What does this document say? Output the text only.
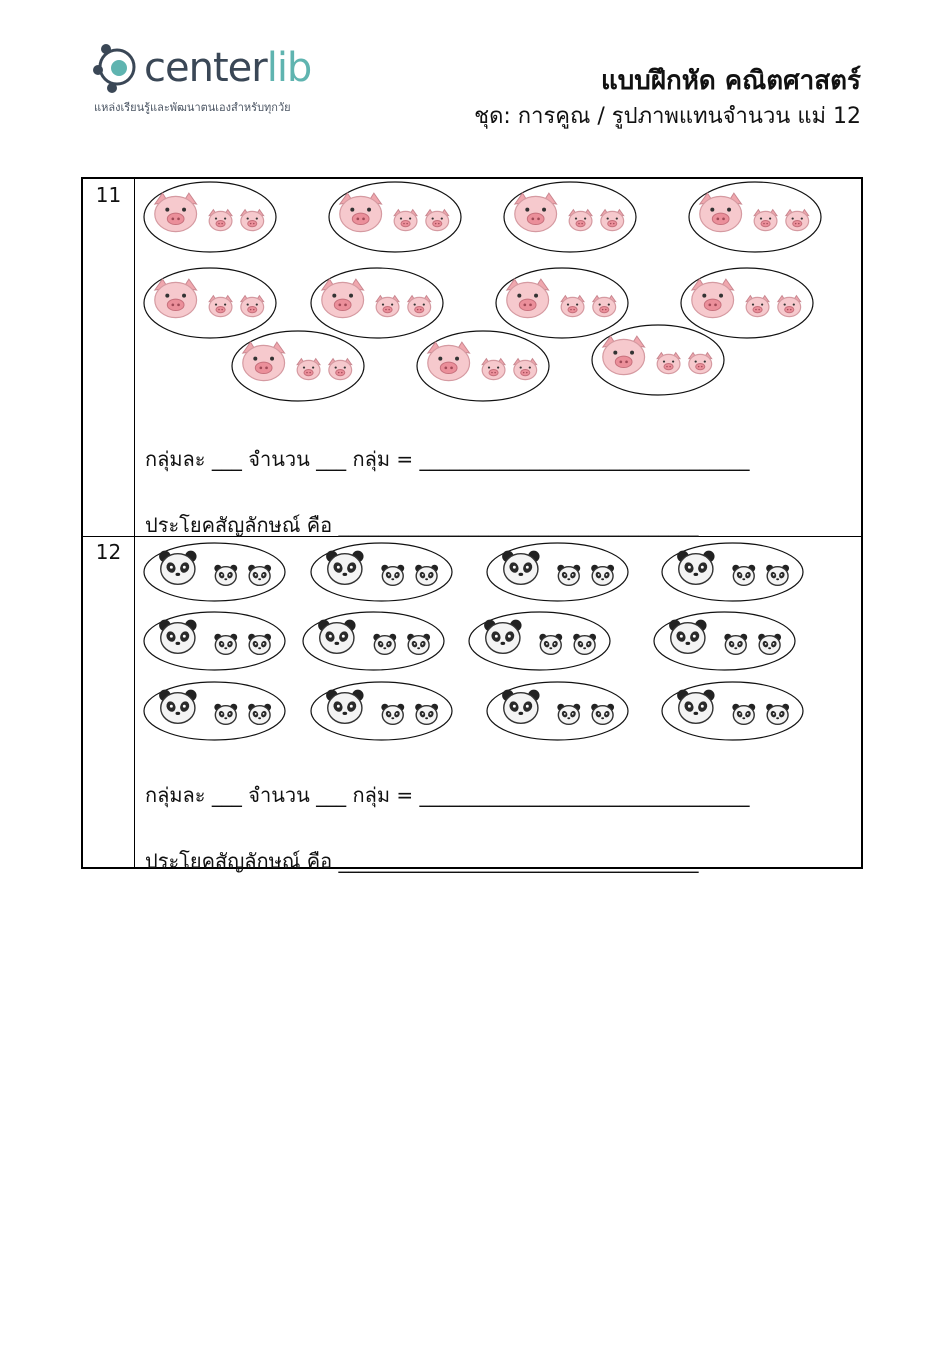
centerlib
แหล่งเรียนรู้และพัฒนาตนเองสำหรับทุกวัย
แบบฝึกหัด คณิตศาสตร์
ชุด: การคูณ / รูปภาพแทนจำนวน แม่ 12
11
กลุ่มละ ___ จำนวน ___ กลุ่ม = _________________________________
ประโยคสัญลักษณ์ คือ ____________________________________
12
กลุ่มละ ___ จำนวน ___ กลุ่ม = _________________________________
ประโยคสัญลักษณ์ คือ ____________________________________
